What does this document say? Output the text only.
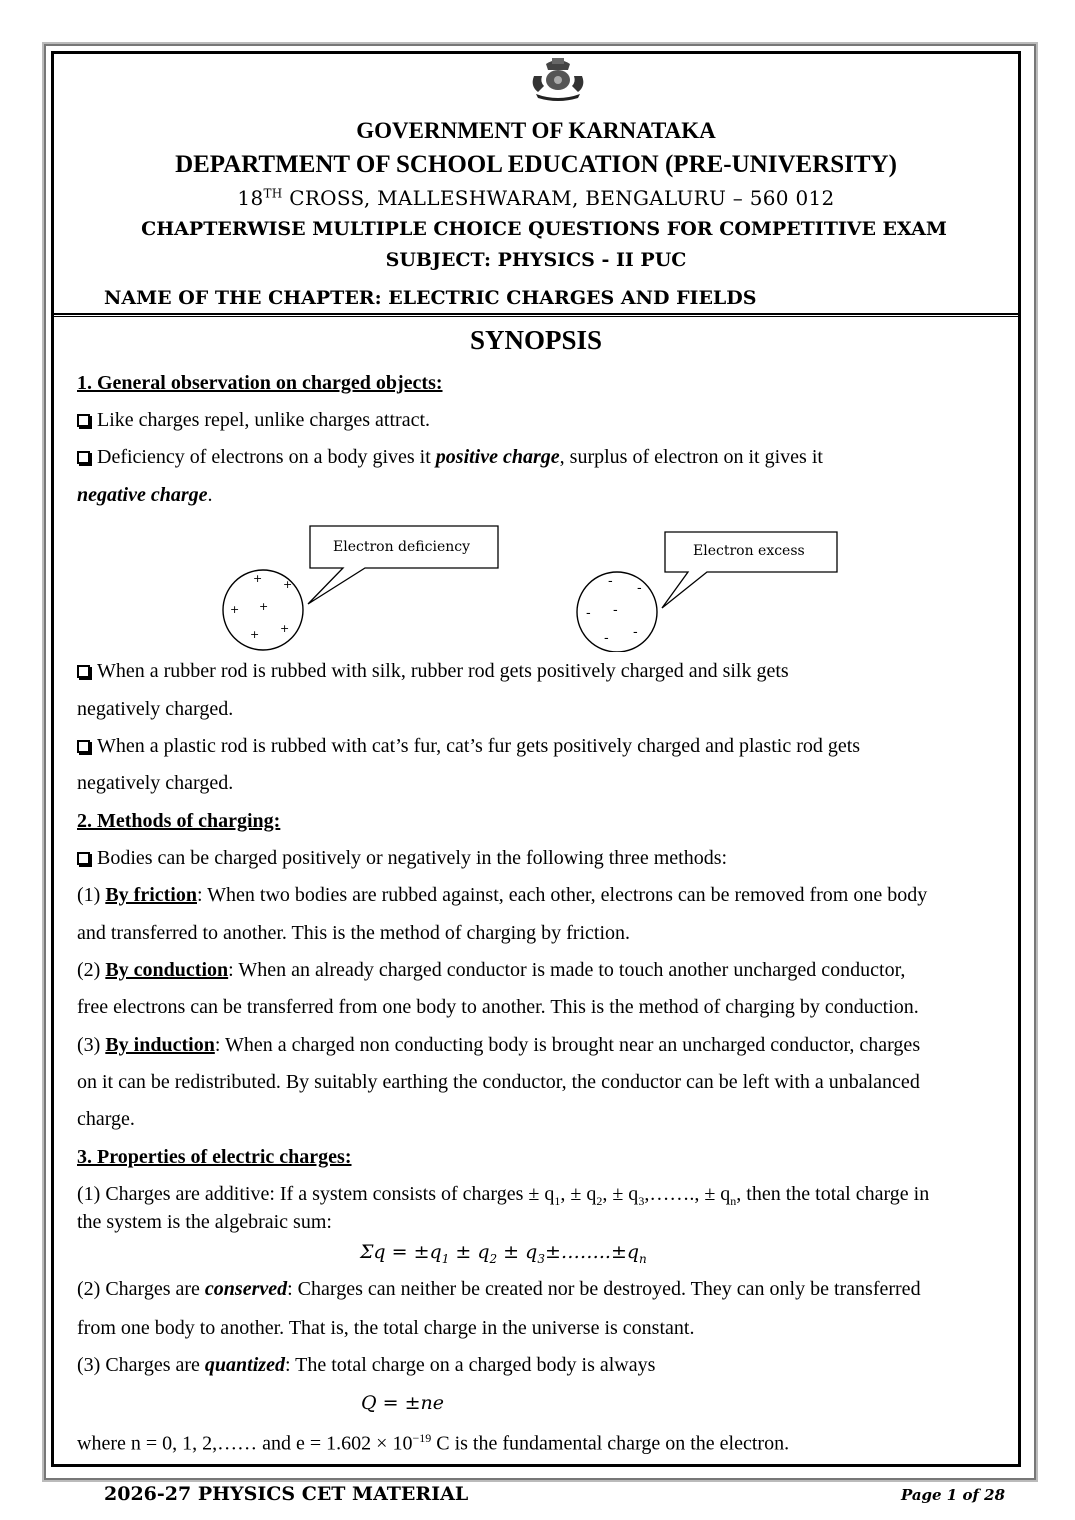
GOVERNMENT OF KARNATAKA
DEPARTMENT OF SCHOOL EDUCATION (PRE-UNIVERSITY)
18TH CROSS, MALLESHWARAM, BENGALURU – 560 012
CHAPTERWISE MULTIPLE CHOICE QUESTIONS FOR COMPETITIVE EXAM
SUBJECT: PHYSICS - II PUC
NAME OF THE CHAPTER: ELECTRIC CHARGES AND FIELDS
SYNOPSIS
1. General observation on charged objects:
Like charges repel, unlike charges attract.
Deficiency of electrons on a body gives it positive charge, surplus of electron on it gives it
negative charge.
Electron deficiency
+ +
+ +
+ +
Electron excess
- -
- -
- -
When a rubber rod is rubbed with silk, rubber rod gets positively charged and silk gets
negatively charged.
When a plastic rod is rubbed with cat’s fur, cat’s fur gets positively charged and plastic rod gets
negatively charged.
2. Methods of charging:
Bodies can be charged positively or negatively in the following three methods:
(1) By friction: When two bodies are rubbed against, each other, electrons can be removed from one body
and transferred to another. This is the method of charging by friction.
(2) By conduction: When an already charged conductor is made to touch another uncharged conductor,
free electrons can be transferred from one body to another. This is the method of charging by conduction.
(3) By induction: When a charged non conducting body is brought near an uncharged conductor, charges
on it can be redistributed. By suitably earthing the conductor, the conductor can be left with a unbalanced
charge.
3. Properties of electric charges:
(1) Charges are additive: If a system consists of charges ± $q_1$, ± $q_2$, ± $q_3,\dots\dots$., ± $q_n$, then the total charge in
the system is the algebraic sum:
$\Sigma q = \pm q_1 \pm q_2$ ± $q_3\pm\dots\dots..\pm q_n$
(2) Charges are conserved: Charges can neither be created nor be destroyed. They can only be transferred
from one body to another. That is, the total charge in the universe is constant.
(3) Charges are quantized: The total charge on a charged body is always
Q = ±ne
where n = 0, 1, 2,…… and $e = 1.602 \times 10^{-19}$ C is the fundamental charge on the electron.
2026-27 PHYSICS CET MATERIAL	Page 1 of 28
